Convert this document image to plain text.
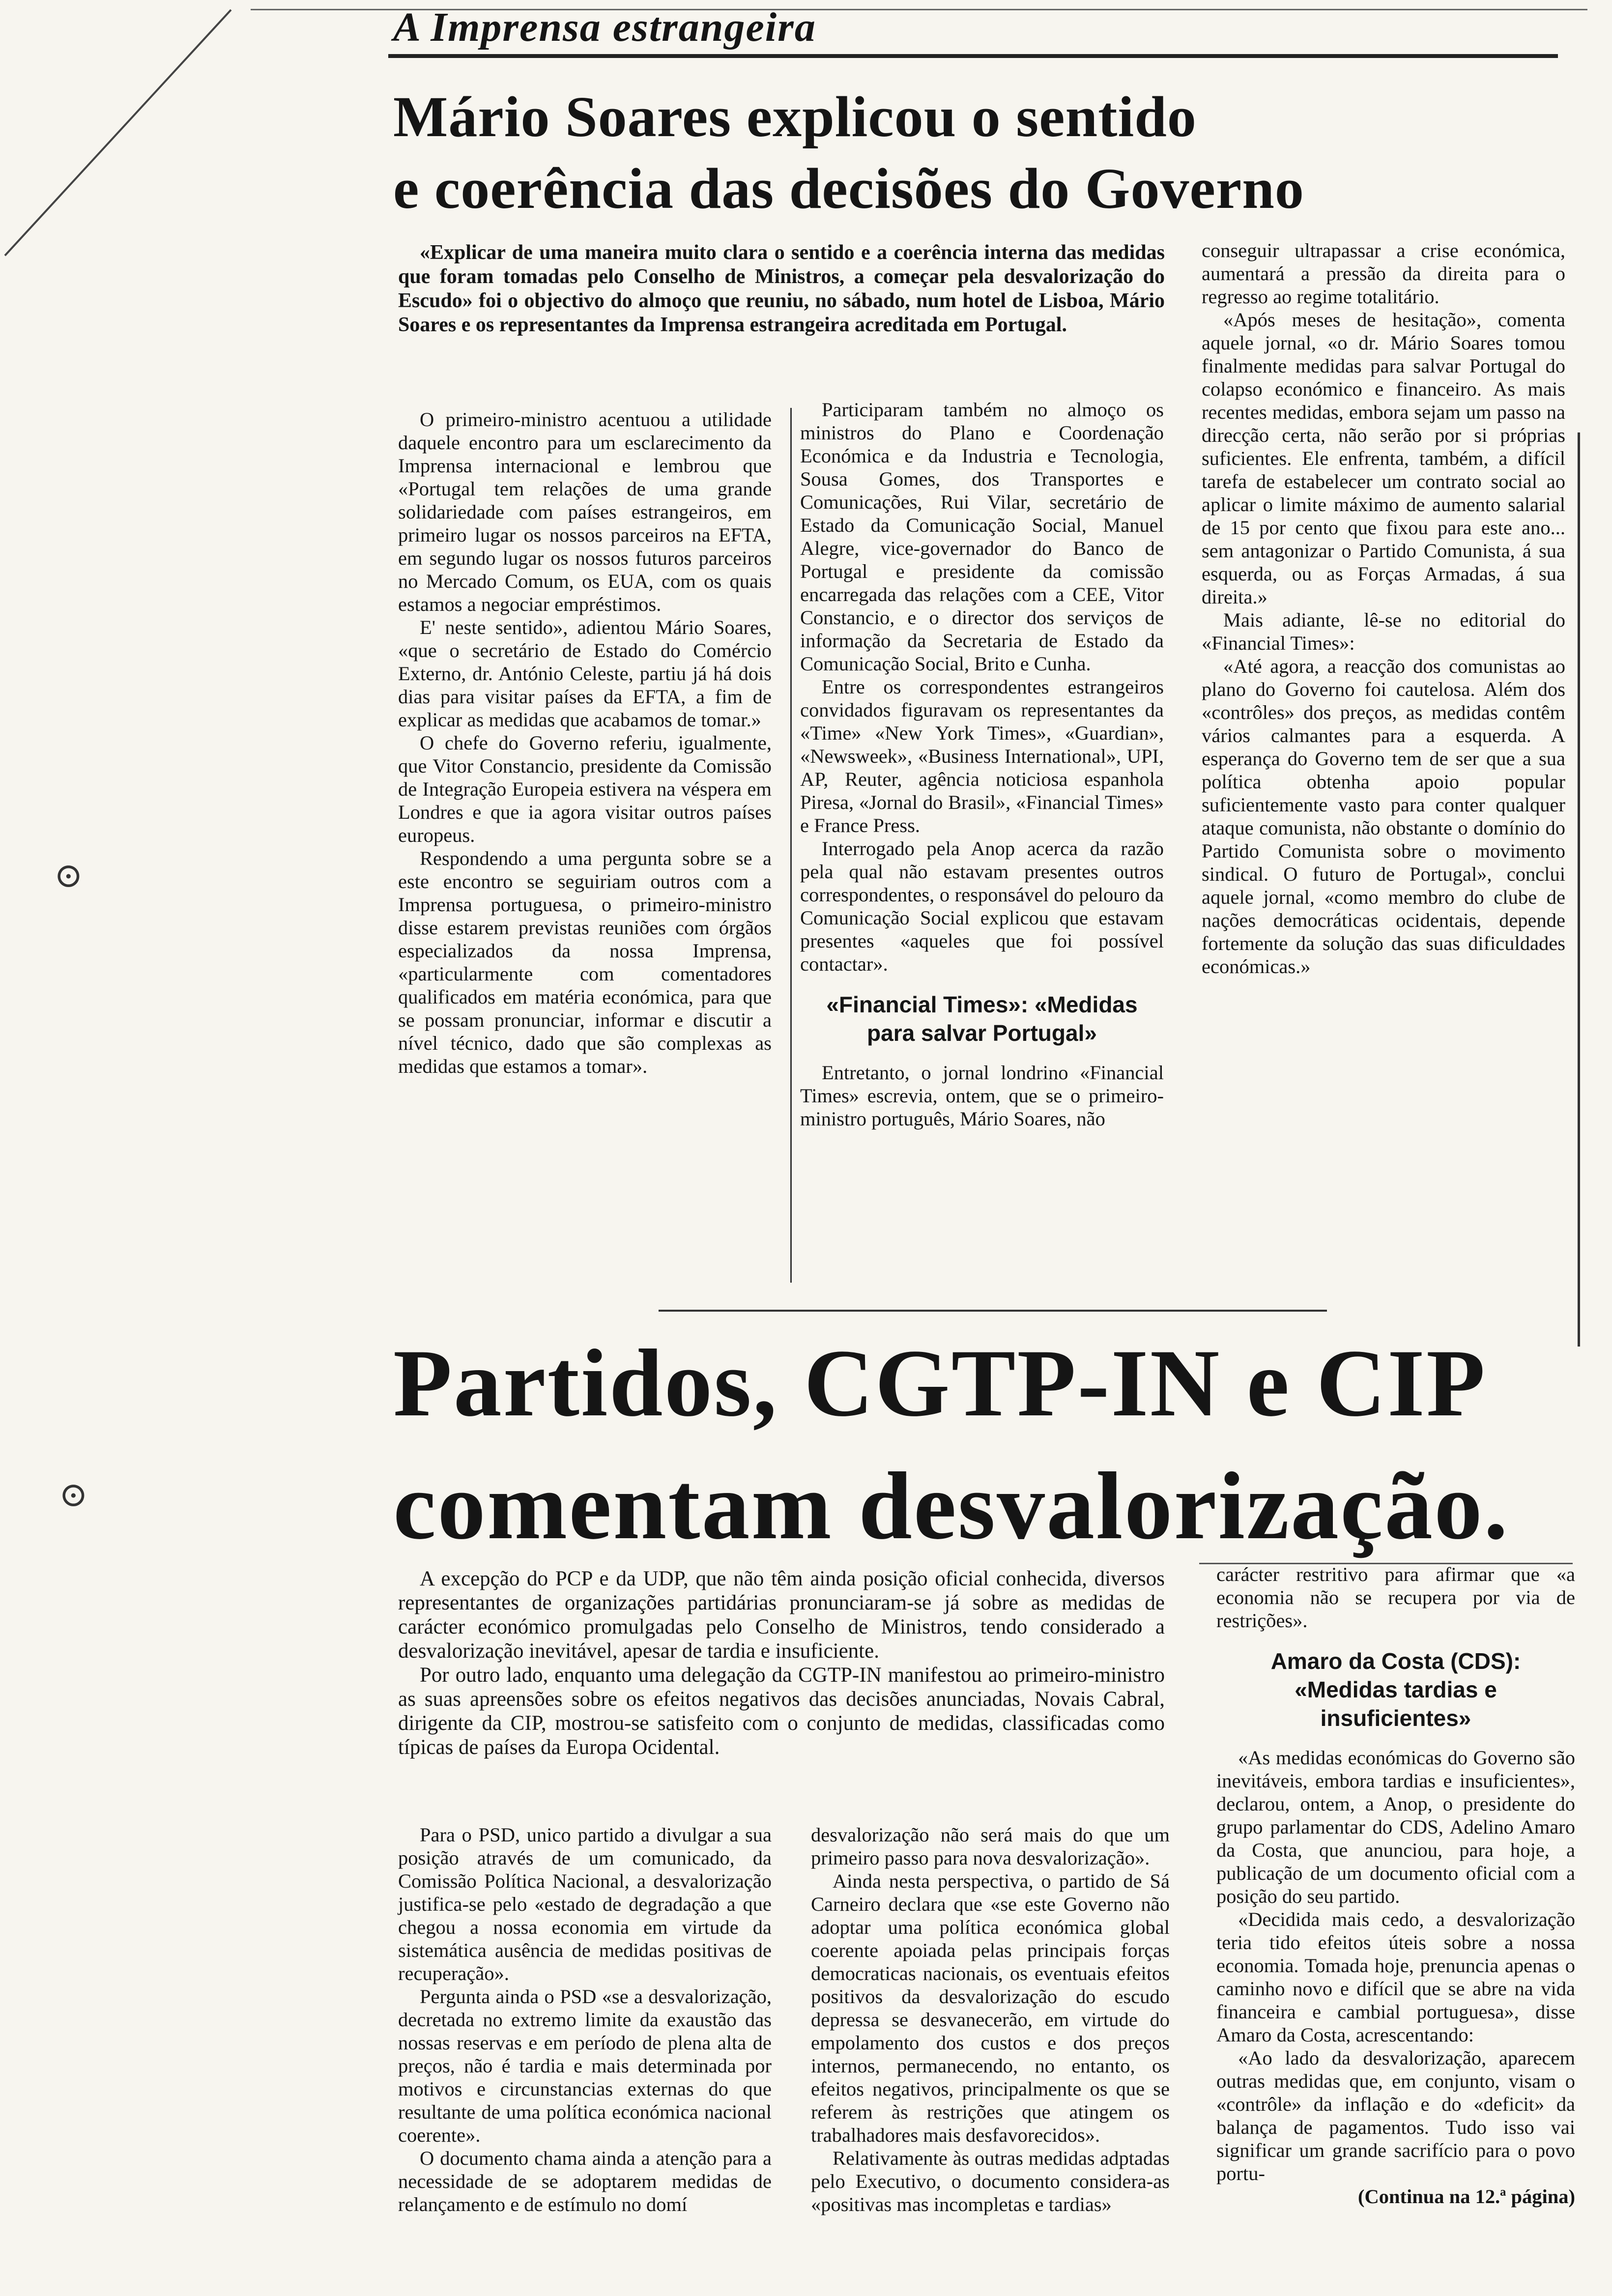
⊙
⊙
A Imprensa estrangeira
Mário Soares explicou o sentido
e coerência das decisões do Governo

«Explicar de uma maneira muito clara o sentido e a coerência interna das medidas que foram tomadas pelo Conselho de Ministros, a começar pela desvalorização do Escudo» foi o objectivo do almoço que reuniu, no sábado, num hotel de Lisboa, Mário Soares e os representantes da Imprensa estrangeira acreditada em Portugal.

O primeiro-ministro acentuou a utilidade daquele encontro para um esclarecimento da Imprensa internacional e lembrou que «Portugal tem relações de uma grande solidariedade com países estrangeiros, em primeiro lugar os nossos parceiros na EFTA, em segundo lugar os nossos futuros parceiros no Mercado Comum, os EUA, com os quais estamos a negociar empréstimos.

E' neste sentido», adientou Mário Soares, «que o secretário de Estado do Comércio Externo, dr. António Celeste, partiu já há dois dias para visitar países da EFTA, a fim de explicar as medidas que acabamos de tomar.»

O chefe do Governo referiu, igualmente, que Vitor Constancio, presidente da Comissão de Integração Europeia estivera na véspera em Londres e que ia agora visitar outros países europeus.

Respondendo a uma pergunta sobre se a este encontro se seguiriam outros com a Imprensa portuguesa, o primeiro-ministro disse estarem previstas reuniões com órgãos especializados da nossa Imprensa, «particularmente com comentadores qualificados em matéria económica, para que se possam pronunciar, informar e discutir a nível técnico, dado que são complexas as medidas que estamos a tomar».

Participaram também no almoço os ministros do Plano e Coordenação Económica e da Industria e Tecnologia, Sousa Gomes, dos Transportes e Comunicações, Rui Vilar, secretário de Estado da Comunicação Social, Manuel Alegre, vice-governador do Banco de Portugal e presidente da comissão encarregada das relações com a CEE, Vitor Constancio, e o director dos serviços de informação da Secretaria de Estado da Comunicação Social, Brito e Cunha.

Entre os correspondentes estrangeiros convidados figuravam os representantes da «Time» «New York Times», «Guardian», «Newsweek», «Business International», UPI, AP, Reuter, agência noticiosa espanhola Piresa, «Jornal do Brasil», «Financial Times» e France Press.

Interrogado pela Anop acerca da razão pela qual não estavam presentes outros correspondentes, o responsável do pelouro da Comunicação Social explicou que estavam presentes «aqueles que foi possível contactar».

«Financial Times»: «Medidas para salvar Portugal»

Entretanto, o jornal londrino «Financial Times» escrevia, ontem, que se o primeiro-ministro português, Mário Soares, não

conseguir ultrapassar a crise económica, aumentará a pressão da direita para o regresso ao regime totalitário.

«Após meses de hesitação», comenta aquele jornal, «o dr. Mário Soares tomou finalmente medidas para salvar Portugal do colapso económico e financeiro. As mais recentes medidas, embora sejam um passo na direcção certa, não serão por si próprias suficientes. Ele enfrenta, também, a difícil tarefa de estabelecer um contrato social ao aplicar o limite máximo de aumento salarial de 15 por cento que fixou para este ano... sem antagonizar o Partido Comunista, á sua esquerda, ou as Forças Armadas, á sua direita.»

Mais adiante, lê-se no editorial do «Financial Times»:

«Até agora, a reacção dos comunistas ao plano do Governo foi cautelosa. Além dos «contrôles» dos preços, as medidas contêm vários calmantes para a esquerda. A esperança do Governo tem de ser que a sua política obtenha apoio popular suficientemente vasto para conter qualquer ataque comunista, não obstante o domínio do Partido Comunista sobre o movimento sindical. O futuro de Portugal», conclui aquele jornal, «como membro do clube de nações democráticas ocidentais, depende fortemente da solução das suas dificuldades económicas.»

Partidos, CGTP-IN e CIP
comentam desvalorização.

A excepção do PCP e da UDP, que não têm ainda posição oficial conhecida, diversos representantes de organizações partidárias pronunciaram-se já sobre as medidas de carácter económico promulgadas pelo Conselho de Ministros, tendo considerado a desvalorização inevitável, apesar de tardia e insuficiente.

Por outro lado, enquanto uma delegação da CGTP-IN manifestou ao primeiro-ministro as suas apreensões sobre os efeitos negativos das decisões anunciadas, Novais Cabral, dirigente da CIP, mostrou-se satisfeito com o conjunto de medidas, classificadas como típicas de países da Europa Ocidental.

Para o PSD, unico partido a divulgar a sua posição através de um comunicado, da Comissão Política Nacional, a desvalorização justifica-se pelo «estado de degradação a que chegou a nossa economia em virtude da sistemática ausência de medidas positivas de recuperação».

Pergunta ainda o PSD «se a desvalorização, decretada no extremo limite da exaustão das nossas reservas e em período de plena alta de preços, não é tardia e mais determinada por motivos e circunstancias externas do que resultante de uma política económica nacional coerente».

O documento chama ainda a atenção para a necessidade de se adoptarem medidas de relançamento e de estímulo no domí

desvalorização não será mais do que um primeiro passo para nova desvalorização».

Ainda nesta perspectiva, o partido de Sá Carneiro declara que «se este Governo não adoptar uma política económica global coerente apoiada pelas principais forças democraticas nacionais, os eventuais efeitos positivos da desvalorização do escudo depressa se desvanecerão, em virtude do empolamento dos custos e dos preços internos, permanecendo, no entanto, os efeitos negativos, principalmente os que se referem às restrições que atingem os trabalhadores mais desfavorecidos».

Relativamente às outras medidas adptadas pelo Executivo, o documento considera-as «positivas mas incompletas e tardias»

carácter restritivo para afirmar que «a economia não se recupera por via de restrições».

Amaro da Costa (CDS): «Medidas tardias e insuficientes»

«As medidas económicas do Governo são inevitáveis, embora tardias e insuficientes», declarou, ontem, a Anop, o presidente do grupo parlamentar do CDS, Adelino Amaro da Costa, que anunciou, para hoje, a publicação de um documento oficial com a posição do seu partido.

«Decidida mais cedo, a desvalorização teria tido efeitos úteis sobre a nossa economia. Tomada hoje, prenuncia apenas o caminho novo e difícil que se abre na vida financeira e cambial portuguesa», disse Amaro da Costa, acrescentando:

«Ao lado da desvalorização, aparecem outras medidas que, em conjunto, visam o «contrôle» da inflação e do «deficit» da balança de pagamentos. Tudo isso vai significar um grande sacrifício para o povo portu-

(Continua na 12.ª página)
